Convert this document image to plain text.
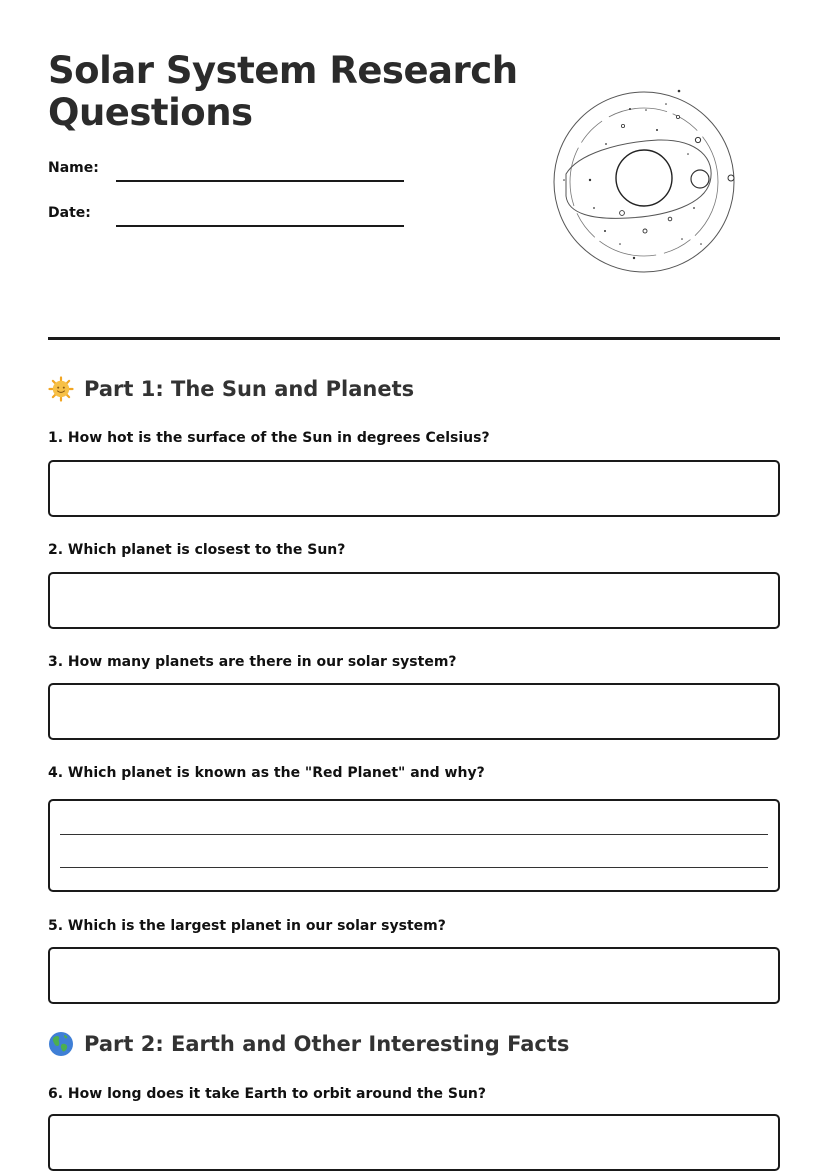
Solar System Research Questions
Name:
Date:
Part 1: The Sun and Planets
1. How hot is the surface of the Sun in degrees Celsius?
2. Which planet is closest to the Sun?
3. How many planets are there in our solar system?
4. Which planet is known as the "Red Planet" and why?
5. Which is the largest planet in our solar system?
Part 2: Earth and Other Interesting Facts
6. How long does it take Earth to orbit around the Sun?
